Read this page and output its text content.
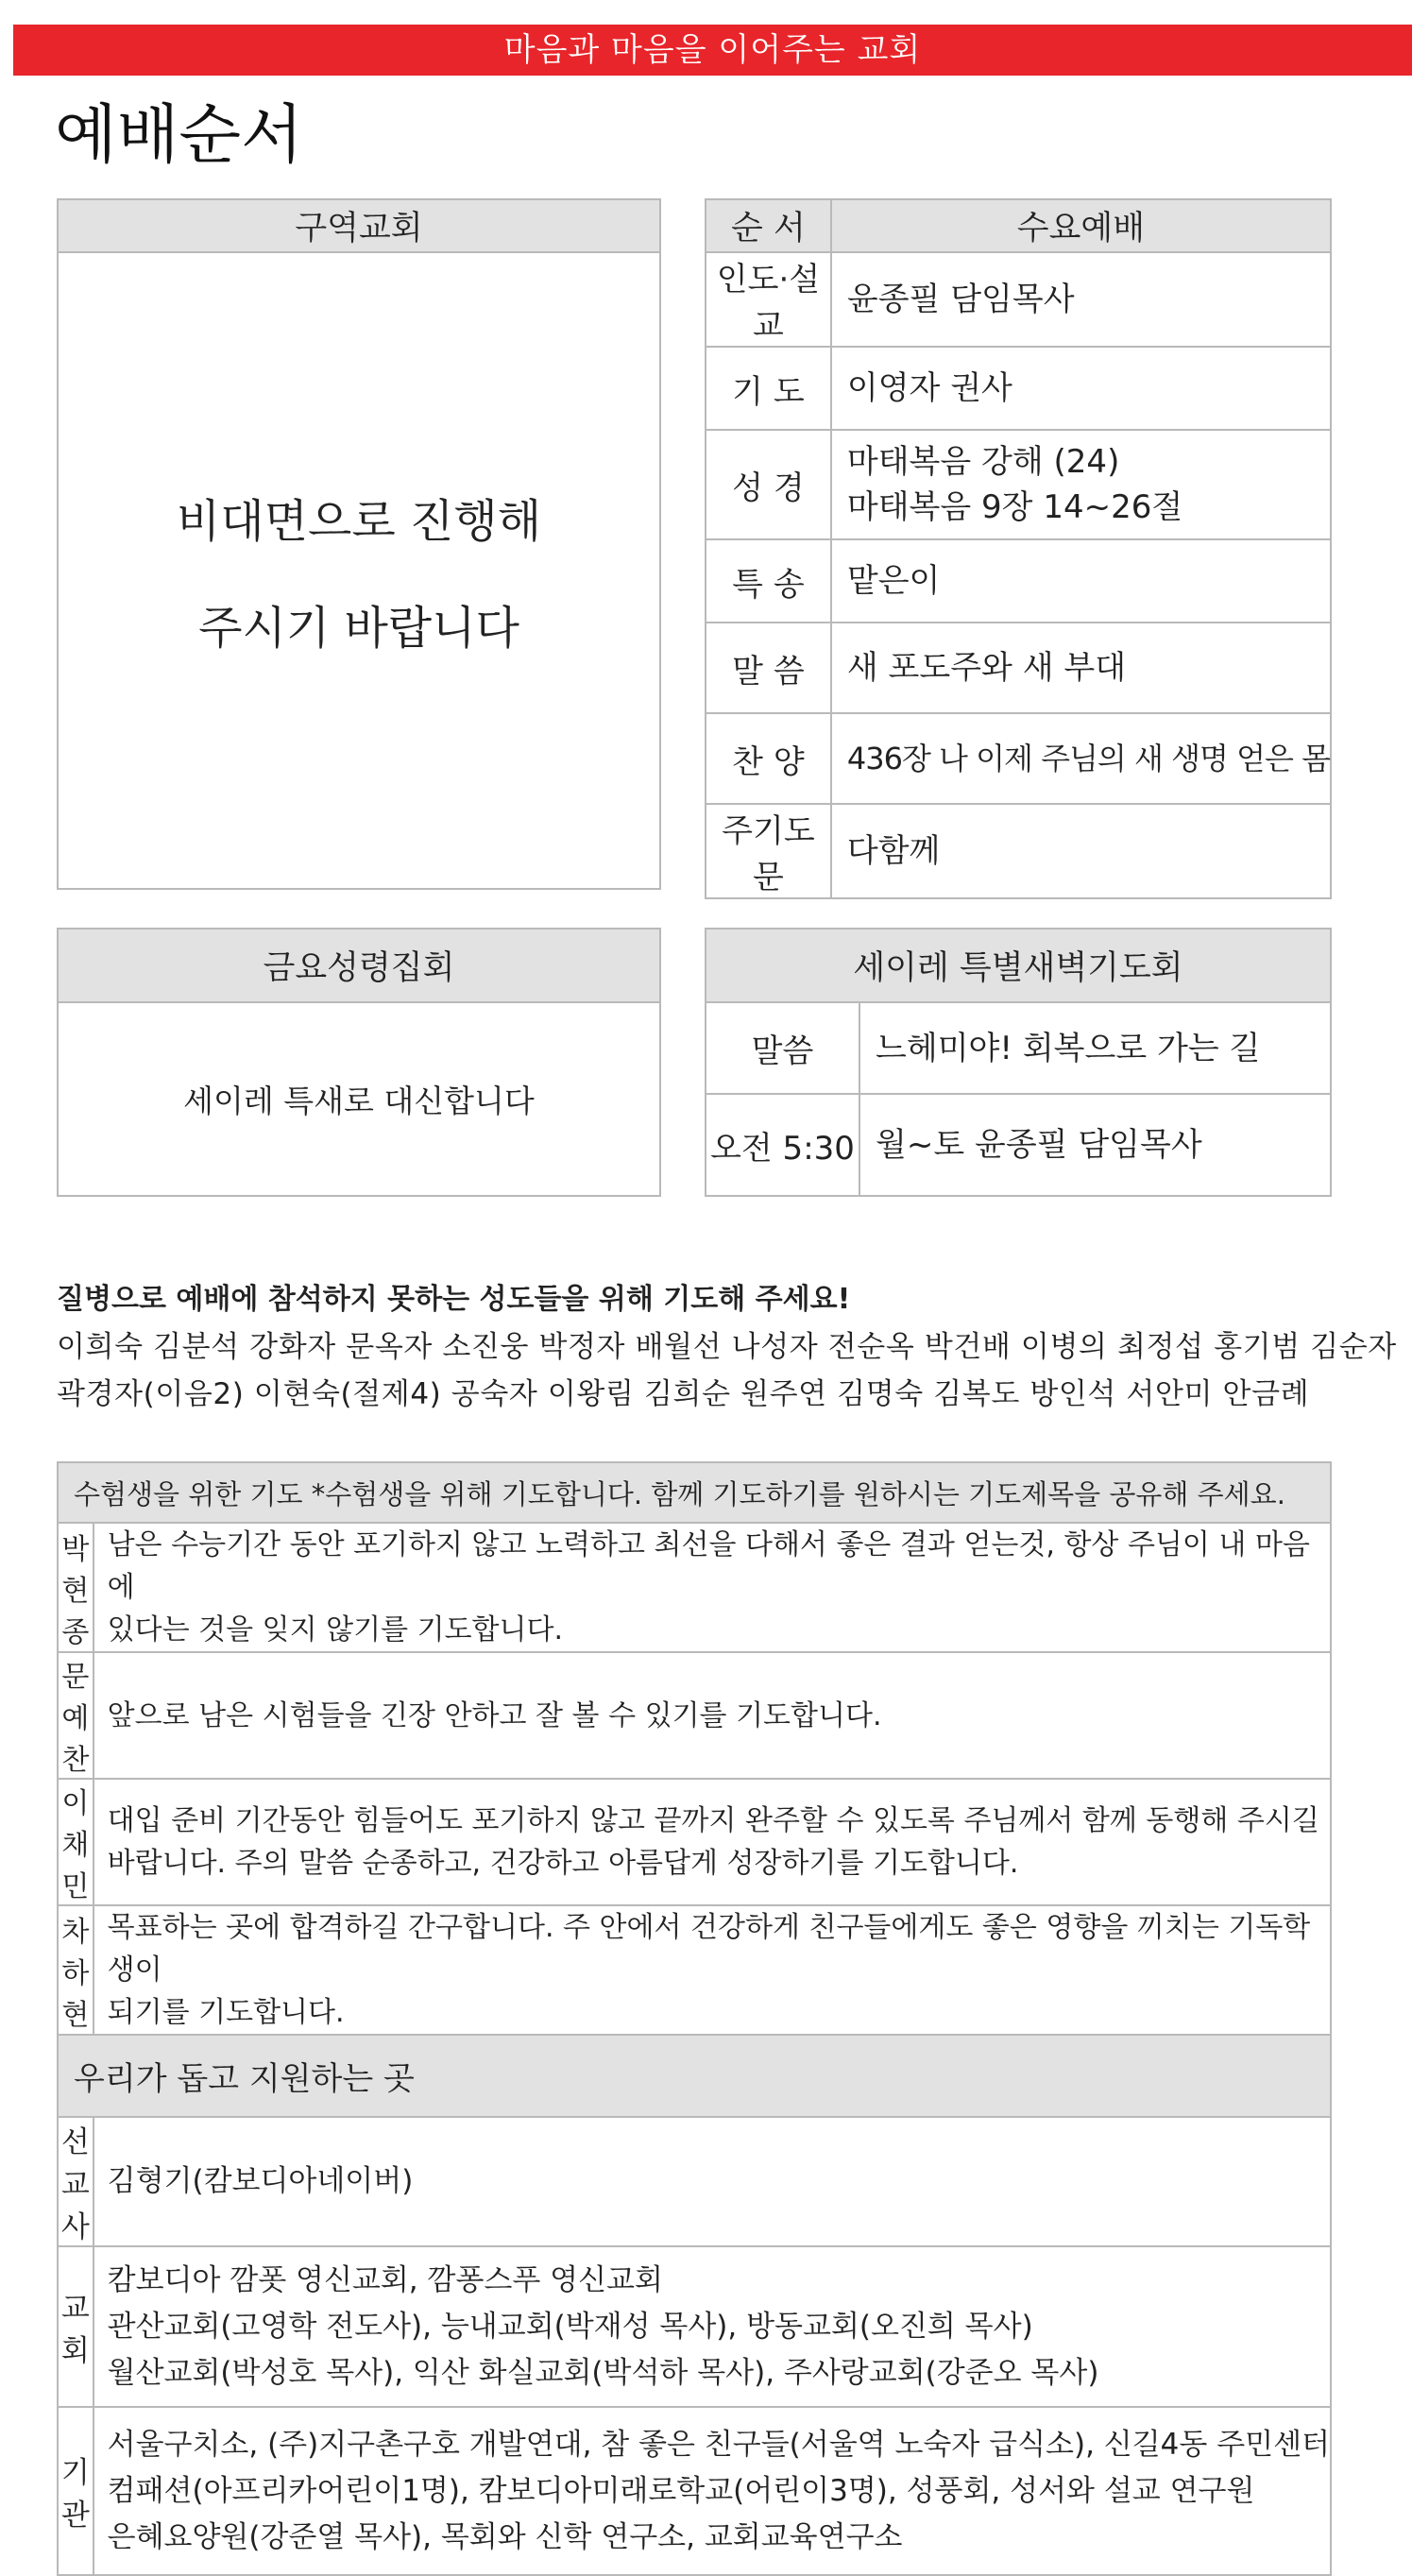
마음과 마음을 이어주는 교회
예배순서
구역교회

비대면으로 진행해
주시기 바랍니다
순 서	수요예배
인도·설교	윤종필 담임목사
기 도	이영자 권사
성 경	마태복음 강해 (24)
마태복음 9장 14~26절

특 송	맡은이
말 씀	새 포도주와 새 부대
찬 양	436장 나 이제 주님의 새 생명 얻은 몸
주기도문	다함께
금요성령집회
세이레 특새로 대신합니다
세이레 특별새벽기도회	
말씀	느헤미야! 회복으로 가는 길
오전 5:30	월~토 윤종필 담임목사
질병으로 예배에 참석하지 못하는 성도들을 위해 기도해 주세요!
이희숙 김분석 강화자 문옥자 소진웅 박정자 배월선 나성자 전순옥 박건배 이병의 최정섭 홍기범 김순자
곽경자(이음2) 이현숙(절제4) 공숙자 이왕림 김희순 원주연 김명숙 김복도 방인석 서안미 안금례
수험생을 위한 기도 *수험생을 위해 기도합니다. 함께 기도하기를 원하시는 기도제목을 공유해 주세요.	
박현종	남은 수능기간 동안 포기하지 않고 노력하고 최선을 다해서 좋은 결과 얻는것, 항상 주님이 내 마음에
있다는 것을 잊지 않기를 기도합니다.

문예찬	앞으로 남은 시험들을 긴장 안하고 잘 볼 수 있기를 기도합니다.

이채민	대입 준비 기간동안 힘들어도 포기하지 않고 끝까지 완주할 수 있도록 주님께서 함께 동행해 주시길
바랍니다. 주의 말씀 순종하고, 건강하고 아름답게 성장하기를 기도합니다.

차하현	목표하는 곳에 합격하길 간구합니다. 주 안에서 건강하게 친구들에게도 좋은 영향을 끼치는 기독학생이
되기를 기도합니다.

우리가 돕고 지원하는 곳	
선교사	김형기(캄보디아네이버)

교 회	캄보디아 깜폿 영신교회, 깜퐁스푸 영신교회
관산교회(고영학 전도사), 능내교회(박재성 목사), 방동교회(오진희 목사)
월산교회(박성호 목사), 익산 화실교회(박석하 목사), 주사랑교회(강준오 목사)

기 관	서울구치소, (주)지구촌구호 개발연대, 참 좋은 친구들(서울역 노숙자 급식소), 신길4동 주민센터
컴패션(아프리카어린이1명), 캄보디아미래로학교(어린이3명), 성풍회, 성서와 설교 연구원
은혜요양원(강준열 목사), 목회와 신학 연구소, 교회교육연구소
